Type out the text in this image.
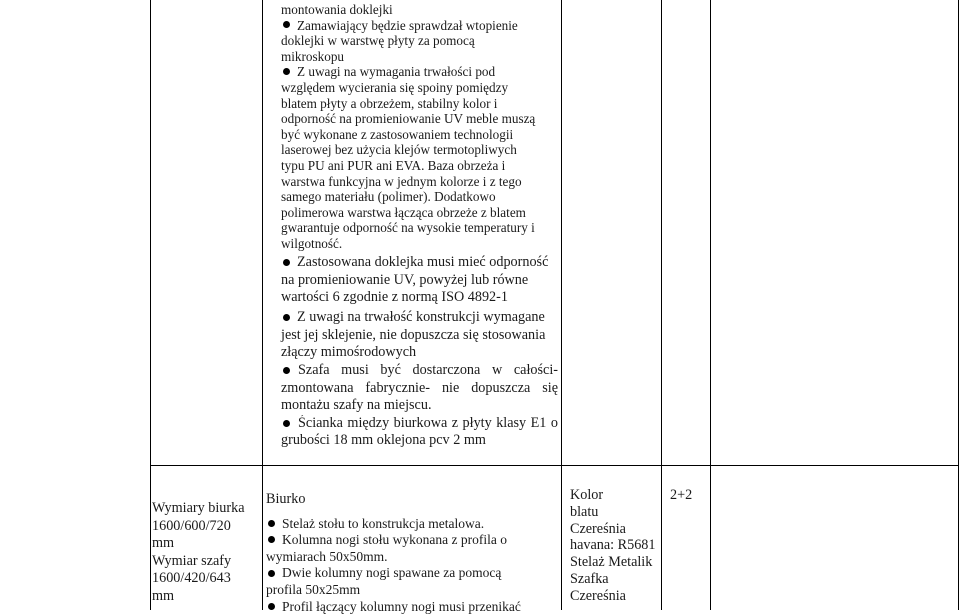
montowania doklejki
Zamawiający będzie sprawdzał wtopienie
doklejki w warstwę płyty za pomocą
mikroskopu
Z uwagi na wymagania trwałości pod
względem wycierania się spoiny pomiędzy
blatem płyty a obrzeżem, stabilny kolor i
odporność na promieniowanie UV meble muszą
być wykonane z zastosowaniem technologii
laserowej bez użycia klejów termotopliwych
typu PU ani PUR ani EVA. Baza obrzeża i
warstwa funkcyjna w jednym kolorze i z tego
samego materiału (polimer). Dodatkowo
polimerowa warstwa łącząca obrzeże z blatem
gwarantuje odporność na wysokie temperatury i
wilgotność.
Zastosowana doklejka musi mieć odporność
na promieniowanie UV, powyżej lub równe
wartości 6 zgodnie z normą ISO 4892-1
Z uwagi na trwałość konstrukcji wymagane
jest jej sklejenie, nie dopuszcza się stosowania
złączy mimośrodowych
Szafa musi być dostarczona w całości-
zmontowana fabrycznie- nie dopuszcza się
montażu szafy na miejscu.
Ścianka między biurkowa z płyty klasy E1 o
grubości 18 mm oklejona pcv 2 mm
Wymiary biurka
1600/600/720
mm
Wymiar szafy
1600/420/643
mm
Biurko
Stelaż stołu to konstrukcja metalowa.
Kolumna nogi stołu wykonana z profila o
wymiarach 50x50mm.
Dwie kolumny nogi spawane za pomocą
profila 50x25mm
Profil łączący kolumny nogi musi przenikać
Kolor
blatu
Czereśnia
havana: R5681
Stelaż Metalik
Szafka
Czereśnia
2+2
